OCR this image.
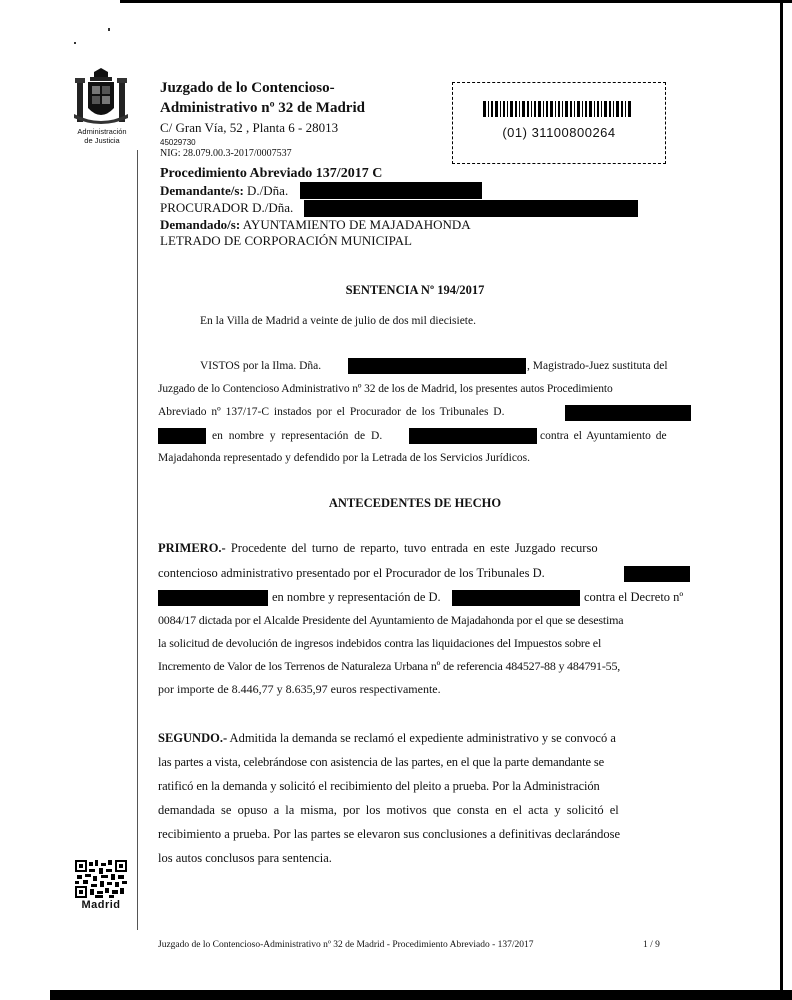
Administración
de Justicia
Juzgado de lo Contencioso-
Administrativo nº 32 de Madrid
C/ Gran Vía, 52 , Planta 6 - 28013
45029730
NIG: 28.079.00.3-2017/0007537
(01) 31100800264
Procedimiento Abreviado 137/2017 C
Demandante/s: D./Dña.
PROCURADOR D./Dña.
Demandado/s: AYUNTAMIENTO DE MAJADAHONDA
LETRADO DE CORPORACIÓN MUNICIPAL
SENTENCIA Nº 194/2017
En la Villa de Madrid a veinte de julio de dos mil diecisiete.
VISTOS por la Ilma. Dña.	, Magistrado-Juez sustituta del
Juzgado de lo Contencioso Administrativo nº 32 de los de Madrid, los presentes autos Procedimiento
Abreviado nº 137/17-C instados por el Procurador de los Tribunales D.
en nombre y representación de D.	contra el Ayuntamiento de
Majadahonda representado y defendido por la Letrada de los Servicios Jurídicos.
ANTECEDENTES DE HECHO
PRIMERO.- Procedente del turno de reparto, tuvo entrada en este Juzgado recurso
contencioso administrativo presentado por el Procurador de los Tribunales D.
en nombre y representación de D.	contra el Decreto nº
0084/17 dictada por el Alcalde Presidente del Ayuntamiento de Majadahonda por el que se desestima
la solicitud de devolución de ingresos indebidos contra las liquidaciones del Impuestos sobre el
Incremento de Valor de los Terrenos de Naturaleza Urbana nº de referencia 484527-88 y 484791-55,
por importe de 8.446,77 y 8.635,97 euros respectivamente.
SEGUNDO.- Admitida la demanda se reclamó el expediente administrativo y se convocó a
las partes a vista, celebrándose con asistencia de las partes, en el que la parte demandante se
ratificó en la demanda y solicitó el recibimiento del pleito a prueba. Por la Administración
demandada se opuso a la misma, por los motivos que consta en el acta y solicitó el
recibimiento a prueba. Por las partes se elevaron sus conclusiones a definitivas declarándose
los autos conclusos para sentencia.
Madrid
Juzgado de lo Contencioso-Administrativo nº 32 de Madrid - Procedimiento Abreviado - 137/2017	1 / 9
